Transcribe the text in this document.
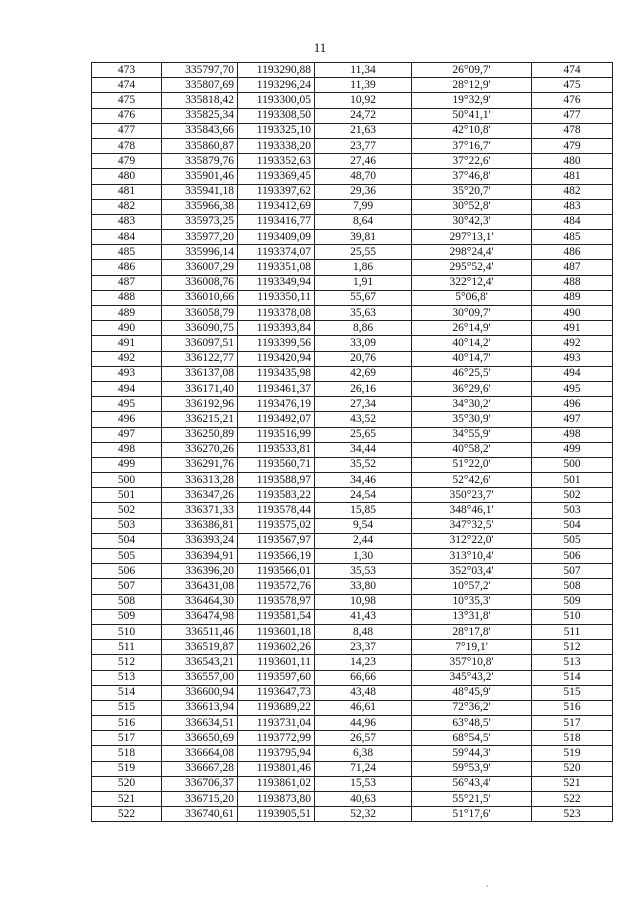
11
473	335797,70	1193290,88	11,34	26°09,7'	474
474	335807,69	1193296,24	11,39	28°12,9'	475
475	335818,42	1193300,05	10,92	19°32,9'	476
476	335825,34	1193308,50	24,72	50°41,1'	477
477	335843,66	1193325,10	21,63	42°10,8'	478
478	335860,87	1193338,20	23,77	37°16,7'	479
479	335879,76	1193352,63	27,46	37°22,6'	480
480	335901,46	1193369,45	48,70	37°46,8'	481
481	335941,18	1193397,62	29,36	35°20,7'	482
482	335966,38	1193412,69	7,99	30°52,8'	483
483	335973,25	1193416,77	8,64	30°42,3'	484
484	335977,20	1193409,09	39,81	297°13,1'	485
485	335996,14	1193374,07	25,55	298°24,4'	486
486	336007,29	1193351,08	1,86	295°52,4'	487
487	336008,76	1193349,94	1,91	322°12,4'	488
488	336010,66	1193350,11	55,67	5°06,8'	489
489	336058,79	1193378,08	35,63	30°09,7'	490
490	336090,75	1193393,84	8,86	26°14,9'	491
491	336097,51	1193399,56	33,09	40°14,2'	492
492	336122,77	1193420,94	20,76	40°14,7'	493
493	336137,08	1193435,98	42,69	46°25,5'	494
494	336171,40	1193461,37	26,16	36°29,6'	495
495	336192,96	1193476,19	27,34	34°30,2'	496
496	336215,21	1193492,07	43,52	35°30,9'	497
497	336250,89	1193516,99	25,65	34°55,9'	498
498	336270,26	1193533,81	34,44	40°58,2'	499
499	336291,76	1193560,71	35,52	51°22,0'	500
500	336313,28	1193588,97	34,46	52°42,6'	501
501	336347,26	1193583,22	24,54	350°23,7'	502
502	336371,33	1193578,44	15,85	348°46,1'	503
503	336386,81	1193575,02	9,54	347°32,5'	504
504	336393,24	1193567,97	2,44	312°22,0'	505
505	336394,91	1193566,19	1,30	313°10,4'	506
506	336396,20	1193566,01	35,53	352°03,4'	507
507	336431,08	1193572,76	33,80	10°57,2'	508
508	336464,30	1193578,97	10,98	10°35,3'	509
509	336474,98	1193581,54	41,43	13°31,8'	510
510	336511,46	1193601,18	8,48	28°17,8'	511
511	336519,87	1193602,26	23,37	7°19,1'	512
512	336543,21	1193601,11	14,23	357°10,8'	513
513	336557,00	1193597,60	66,66	345°43,2'	514
514	336600,94	1193647,73	43,48	48°45,9'	515
515	336613,94	1193689,22	46,61	72°36,2'	516
516	336634,51	1193731,04	44,96	63°48,5'	517
517	336650,69	1193772,99	26,57	68°54,5'	518
518	336664,08	1193795,94	6,38	59°44,3'	519
519	336667,28	1193801,46	71,24	59°53,9'	520
520	336706,37	1193861,02	15,53	56°43,4'	521
521	336715,20	1193873,80	40,63	55°21,5'	522
522	336740,61	1193905,51	52,32	51°17,6'	523
